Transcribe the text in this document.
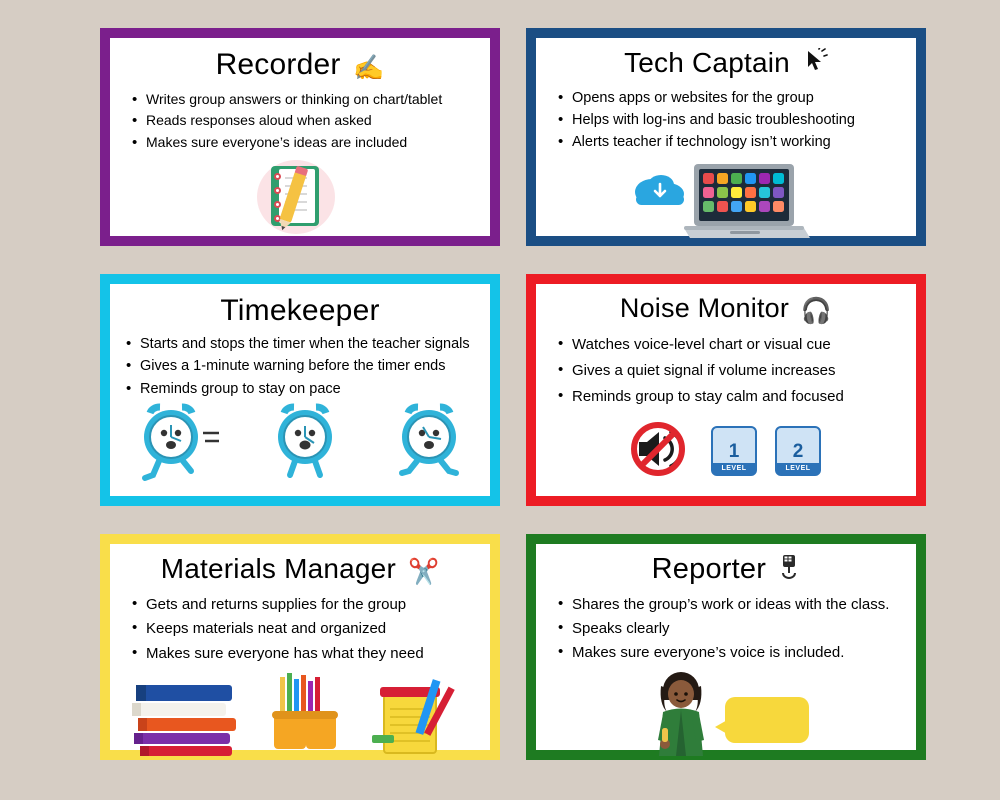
Recorder ✍️
• Writes group answers or thinking on chart/tablet
• Reads responses aloud when asked
• Makes sure everyone’s ideas are included
Tech Captain
• Opens apps or websites for the group
• Helps with log-ins and basic troubleshooting
• Alerts teacher if technology isn’t working
Timekeeper
• Starts and stops the timer when the teacher signals
• Gives a 1-minute warning before the timer ends
• Reminds group to stay on pace
Noise Monitor 🎧
• Watches voice-level chart or visual cue
• Gives a quiet signal if volume increases
• Reminds group to stay calm and focused
1
LEVEL
2
LEVEL
Materials Manager ✂️
• Gets and returns supplies for the group
• Keeps materials neat and organized
• Makes sure everyone has what they need
Reporter
• Shares the group’s work or ideas with the class.
• Speaks clearly
• Makes sure everyone’s voice is included.
